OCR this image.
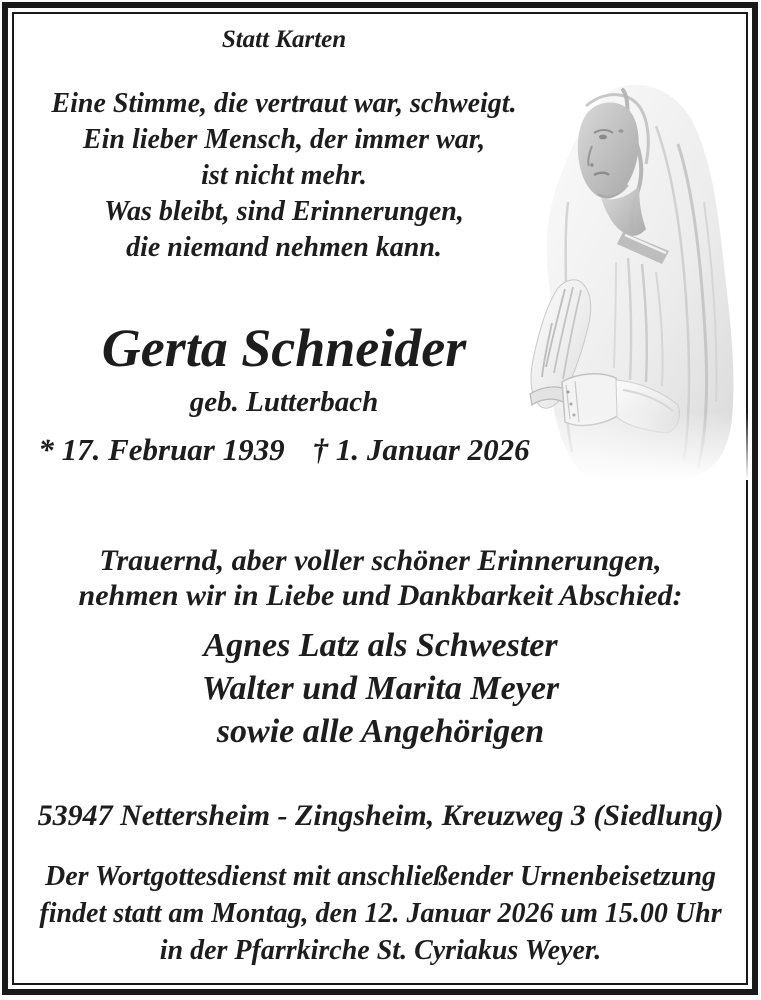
Statt Karten
Eine Stimme, die vertraut war, schweigt.
Ein lieber Mensch, der immer war,
ist nicht mehr.
Was bleibt, sind Erinnerungen,
die niemand nehmen kann.
Gerta Schneider
geb. Lutterbach
* 17. Februar 1939 † 1. Januar 2026
Trauernd, aber voller schöner Erinnerungen,
nehmen wir in Liebe und Dankbarkeit Abschied:
Agnes Latz als Schwester
Walter und Marita Meyer
sowie alle Angehörigen
53947 Nettersheim - Zingsheim, Kreuzweg 3 (Siedlung)
Der Wortgottesdienst mit anschließender Urnenbeisetzung
findet statt am Montag, den 12. Januar 2026 um 15.00 Uhr
in der Pfarrkirche St. Cyriakus Weyer.
